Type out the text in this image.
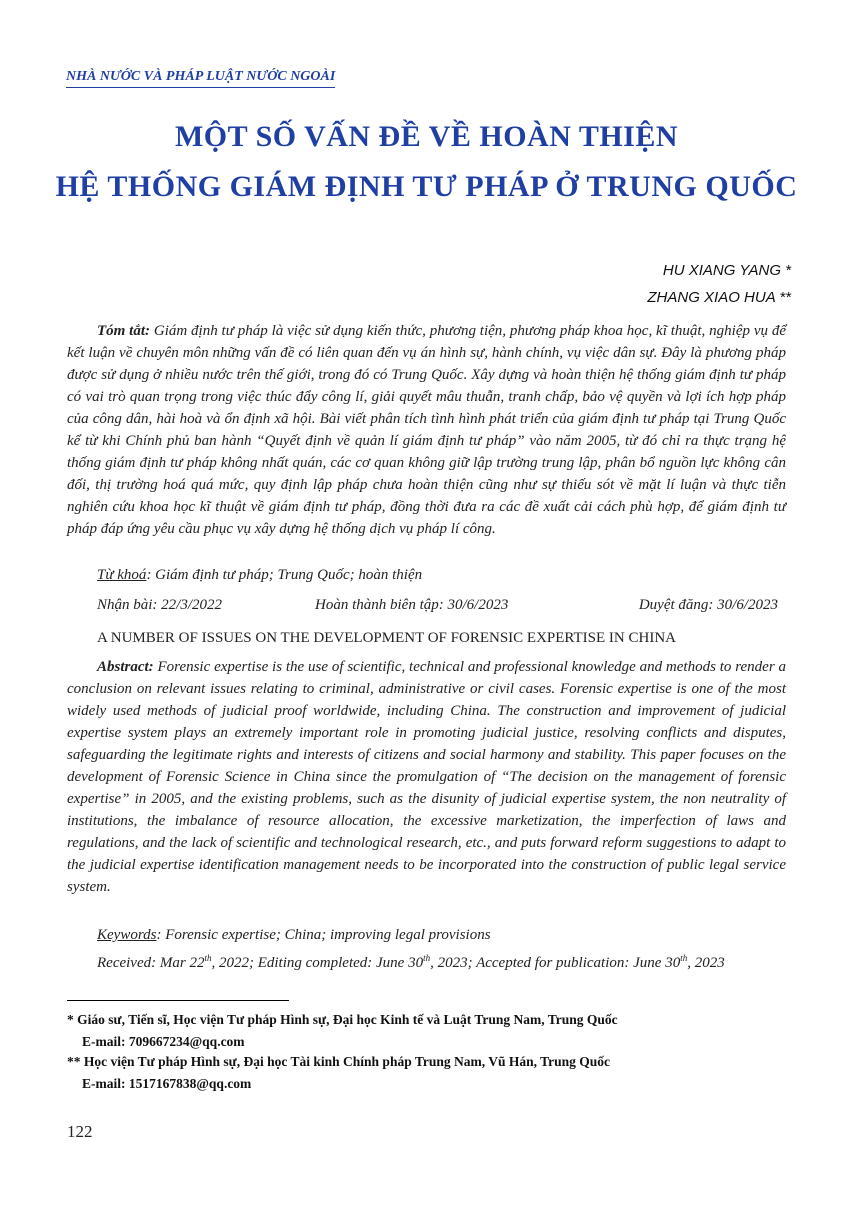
NHÀ NƯỚC VÀ PHÁP LUẬT NƯỚC NGOÀI
MỘT SỐ VẤN ĐỀ VỀ HOÀN THIỆN
HỆ THỐNG GIÁM ĐỊNH TƯ PHÁP Ở TRUNG QUỐC
HU XIANG YANG *
ZHANG XIAO HUA **

Tóm tắt: Giám định tư pháp là việc sử dụng kiến thức, phương tiện, phương pháp khoa học, kĩ thuật, nghiệp vụ để kết luận về chuyên môn những vấn đề có liên quan đến vụ án hình sự, hành chính, vụ việc dân sự. Đây là phương pháp được sử dụng ở nhiều nước trên thế giới, trong đó có Trung Quốc. Xây dựng và hoàn thiện hệ thống giám định tư pháp có vai trò quan trọng trong việc thúc đẩy công lí, giải quyết mâu thuẫn, tranh chấp, bảo vệ quyền và lợi ích hợp pháp của công dân, hài hoà và ổn định xã hội. Bài viết phân tích tình hình phát triển của giám định tư pháp tại Trung Quốc kể từ khi Chính phủ ban hành “Quyết định về quản lí giám định tư pháp” vào năm 2005, từ đó chỉ ra thực trạng hệ thống giám định tư pháp không nhất quán, các cơ quan không giữ lập trường trung lập, phân bổ nguồn lực không cân đối, thị trường hoá quá mức, quy định lập pháp chưa hoàn thiện cũng như sự thiếu sót về mặt lí luận và thực tiễn nghiên cứu khoa học kĩ thuật về giám định tư pháp, đồng thời đưa ra các đề xuất cải cách phù hợp, để giám định tư pháp đáp ứng yêu cầu phục vụ xây dựng hệ thống dịch vụ pháp lí công.

Từ khoá: Giám định tư pháp; Trung Quốc; hoàn thiện
Nhận bài: 22/3/2022	Hoàn thành biên tập: 30/6/2023	Duyệt đăng: 30/6/2023
A NUMBER OF ISSUES ON THE DEVELOPMENT OF FORENSIC EXPERTISE IN CHINA

Abstract: Forensic expertise is the use of scientific, technical and professional knowledge and methods to render a conclusion on relevant issues relating to criminal, administrative or civil cases. Forensic expertise is one of the most widely used methods of judicial proof worldwide, including China. The construction and improvement of judicial expertise system plays an extremely important role in promoting judicial justice, resolving conflicts and disputes, safeguarding the legitimate rights and interests of citizens and social harmony and stability. This paper focuses on the development of Forensic Science in China since the promulgation of “The decision on the management of forensic expertise” in 2005, and the existing problems, such as the disunity of judicial expertise system, the non neutrality of institutions, the imbalance of resource allocation, the excessive marketization, the imperfection of laws and regulations, and the lack of scientific and technological research, etc., and puts forward reform suggestions to adapt to the judicial expertise identification management needs to be incorporated into the construction of public legal service system.

Keywords: Forensic expertise; China; improving legal provisions
Received: Mar 22th, 2022; Editing completed: June 30th, 2023; Accepted for publication: June 30th, 2023
* Giáo sư, Tiến sĩ, Học viện Tư pháp Hình sự, Đại học Kinh tế và Luật Trung Nam, Trung Quốc
E-mail: 709667234@qq.com
** Học viện Tư pháp Hình sự, Đại học Tài kinh Chính pháp Trung Nam, Vũ Hán, Trung Quốc
E-mail: 1517167838@qq.com
122
